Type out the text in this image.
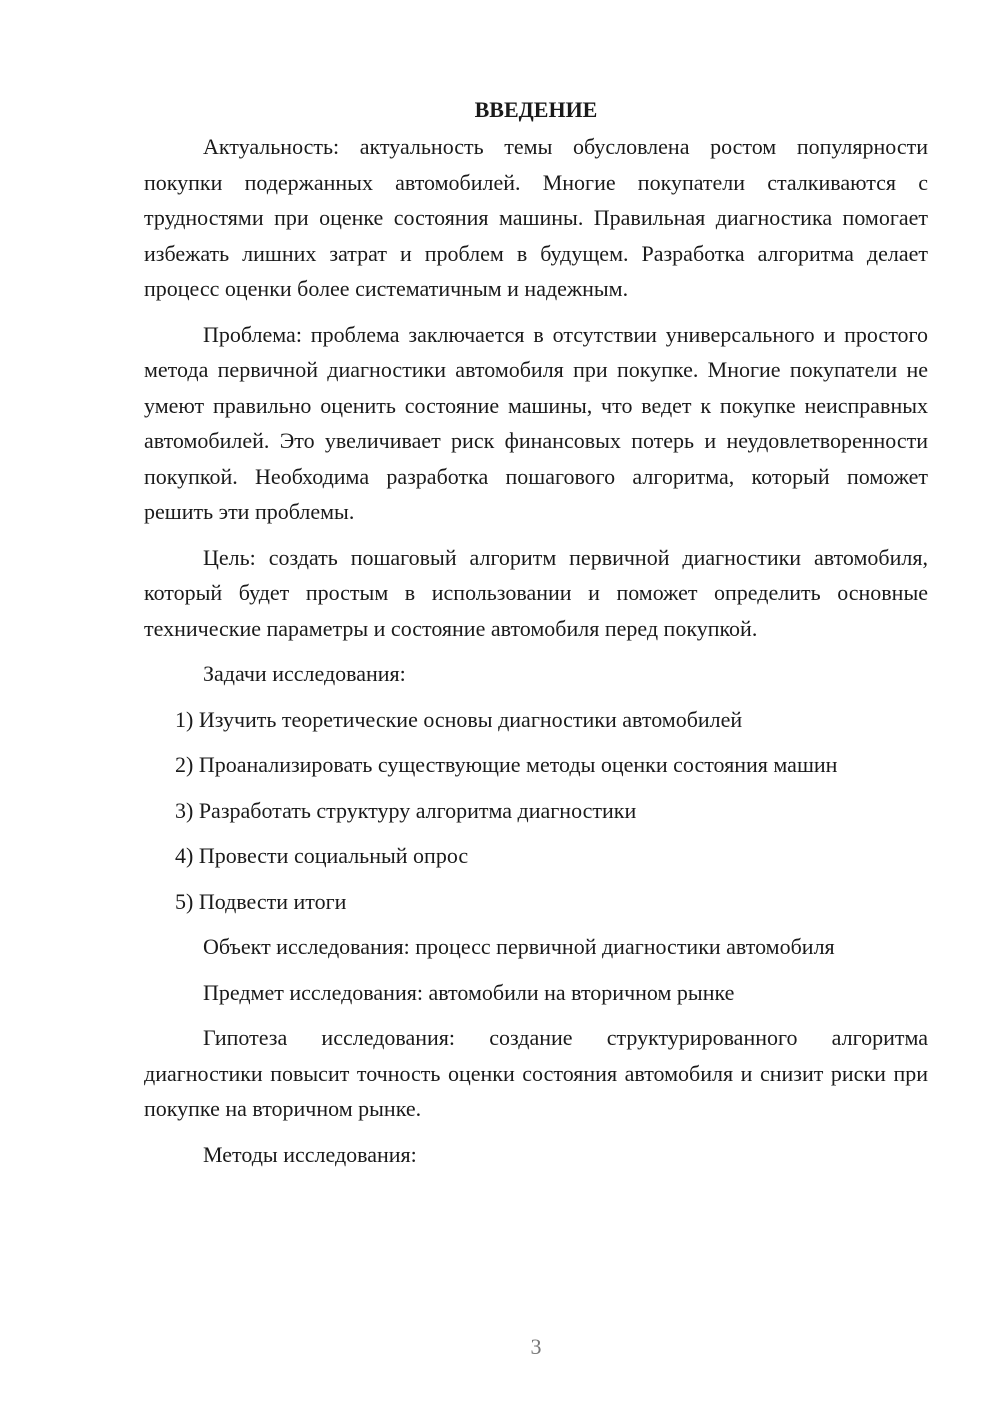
ВВЕДЕНИЕ

Актуальность: актуальность темы обусловлена ростом популярности покупки подержанных автомобилей. Многие покупатели сталкиваются с трудностями при оценке состояния машины. Правильная диагностика помогает избежать лишних затрат и проблем в будущем. Разработка алгоритма делает процесс оценки более систематичным и надежным.

Проблема: проблема заключается в отсутствии универсального и простого метода первичной диагностики автомобиля при покупке. Многие покупатели не умеют правильно оценить состояние машины, что ведет к покупке неисправных автомобилей. Это увеличивает риск финансовых потерь и неудовлетворенности покупкой. Необходима разработка пошагового алгоритма, который поможет решить эти проблемы.

Цель: создать пошаговый алгоритм первичной диагностики автомобиля, который будет простым в использовании и поможет определить основные технические параметры и состояние автомобиля перед покупкой.

Задачи исследования:

1) Изучить теоретические основы диагностики автомобилей
2) Проанализировать существующие методы оценки состояния машин
3) Разработать структуру алгоритма диагностики
4) Провести социальный опрос
5) Подвести итоги

Объект исследования: процесс первичной диагностики автомобиля

Предмет исследования: автомобили на вторичном рынке

Гипотеза исследования: создание структурированного алгоритма диагностики повысит точность оценки состояния автомобиля и снизит риски при покупке на вторичном рынке.

Методы исследования:

3
